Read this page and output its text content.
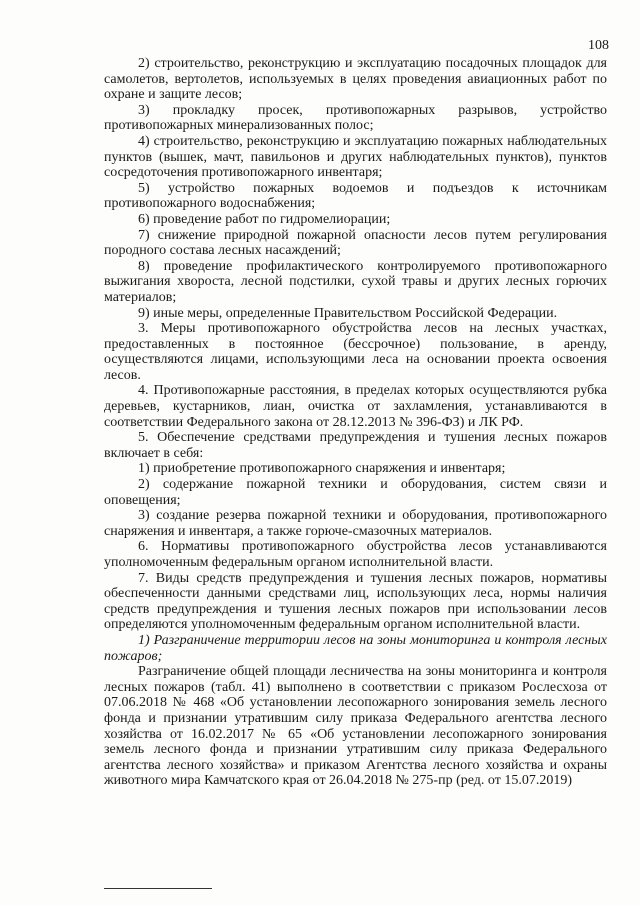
108

2) строительство, реконструкцию и эксплуатацию посадочных площадок для самолетов, вертолетов, используемых в целях проведения авиационных работ по охране и защите лесов;

3) прокладку просек, противопожарных разрывов, устройство противопожарных минерализованных полос;

4) строительство, реконструкцию и эксплуатацию пожарных наблюдательных пунктов (вышек, мачт, павильонов и других наблюдательных пунктов), пунктов сосредоточения противопожарного инвентаря;

5) устройство пожарных водоемов и подъездов к источникам противопожарного водоснабжения;

6) проведение работ по гидромелиорации;

7) снижение природной пожарной опасности лесов путем регулирования породного состава лесных насаждений;

8) проведение профилактического контролируемого противопожарного выжигания хвороста, лесной подстилки, сухой травы и других лесных горючих материалов;

9) иные меры, определенные Правительством Российской Федерации.

3. Меры противопожарного обустройства лесов на лесных участках, предоставленных в постоянное (бессрочное) пользование, в аренду, осуществляются лицами, использующими леса на основании проекта освоения лесов.

4. Противопожарные расстояния, в пределах которых осуществляются рубка деревьев, кустарников, лиан, очистка от захламления, устанавливаются в соответствии Федерального закона от 28.12.2013 № 396-ФЗ) и ЛК РФ.

5. Обеспечение средствами предупреждения и тушения лесных пожаров включает в себя:

1) приобретение противопожарного снаряжения и инвентаря;

2) содержание пожарной техники и оборудования, систем связи и оповещения;

3) создание резерва пожарной техники и оборудования, противопожарного снаряжения и инвентаря, а также горюче-смазочных материалов.

6. Нормативы противопожарного обустройства лесов устанавливаются уполномоченным федеральным органом исполнительной власти.

7. Виды средств предупреждения и тушения лесных пожаров, нормативы обеспеченности данными средствами лиц, использующих леса, нормы наличия средств предупреждения и тушения лесных пожаров при использовании лесов определяются уполномоченным федеральным органом исполнительной власти.

1) Разграничение территории лесов на зоны мониторинга и контроля лесных пожаров;

Разграничение общей площади лесничества на зоны мониторинга и контроля лесных пожаров (табл. 41) выполнено в соответствии с приказом Рослесхоза от 07.06.2018 № 468 «Об установлении лесопожарного зонирования земель лесного фонда и признании утратившим силу приказа Федерального агентства лесного хозяйства от 16.02.2017 № 65 «Об установлении лесопожарного зонирования земель лесного фонда и признании утратившим силу приказа Федерального агентства лесного хозяйства» и приказом Агентства лесного хозяйства и охраны животного мира Камчатского края от 26.04.2018 № 275-пр (ред. от 15.07.2019)
